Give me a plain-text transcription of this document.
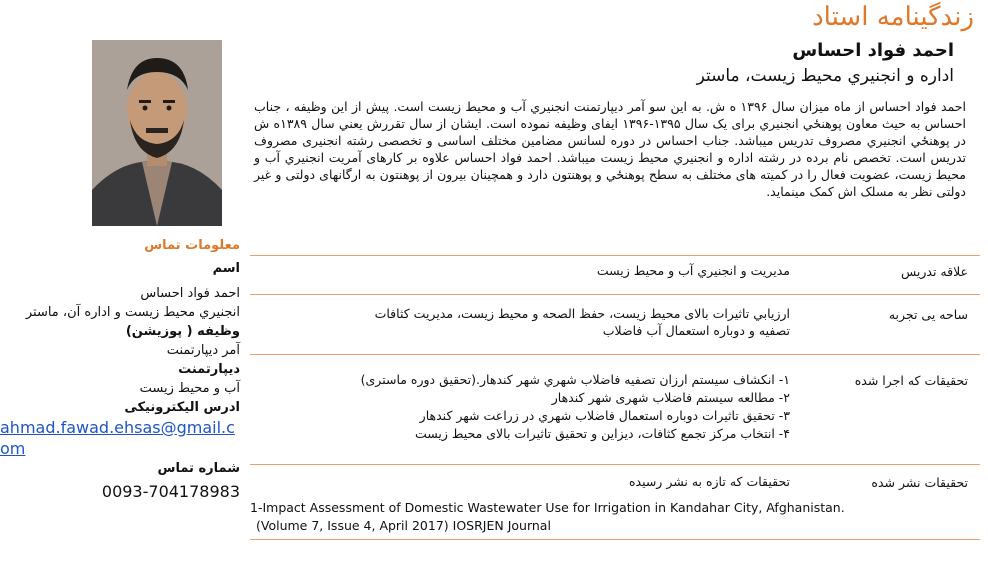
زندگینامه استاد
احمد فواد احساس
اداره و انجنيري محيط زيست، ماستر
احمد فواد احساس از ماه میزان سال ۱۳۹۶ ه ش. به این سو آمر دیپارتمنت انجنیري آب و محیط زیست است. پیش از این وظیفه ، جناب احساس به حیث معاون پوهنځي انجنیري برای یک سال ۱۳۹۵-۱۳۹۶ ایفای وظیفه نموده است. ایشان از سال تقررش یعني سال ۱۳۸۹ه ش در پوهنځي انجنیري مصروف تدریس میباشد. جناب احساس در دوره لسانس مضامین مختلف اساسی و تخصصی رشته انجنیری مصروف تدریس است. تخصص نام برده در رشته اداره و انجنیري محیط زیست میباشد. احمد فواد احساس علاوه بر کارهای آمریت انجنیري آب و محیط زیست، عضویت فعال را در کمیته های مختلف به سطح پوهنځي و پوهنتون دارد و همچینان بیرون از پوهنتون به ارگانهای دولتی و غیر دولتی نظر به مسلک اش کمک مینماید.
علاقه تدریس
مدیریت و انجنیري آب و محیط زیست
ساحه يی تجربه
ارزيابي تاثيرات بالای محيط زيست، حفظ الصحه و محيط زيست، مديريت کثافات تصفيه و دوباره استعمال آب فاضلاب
تحقیقات که اجرا شده
۱- انکشاف سیستم ارزان تصفیه فاضلاب شهري شهر کندهار.(تحقیق دوره ماستری)
۲- مطالعه سیستم فاضلاب شهری شهر کندهار
۳- تحقیق تاثیرات دوباره استعمال فاضلاب شهري در زراعت شهر کندهار
۴- انتخاب مرکز تجمع کثافات، دیزاین و تحقیق تاثیرات بالای محیط زیست
تحقیقات نشر شده
تحقیقات که تازه به نشر رسیده
1-Impact Assessment of Domestic Wastewater Use for Irrigation in Kandahar City, Afghanistan.
(Volume 7, Issue 4, April 2017) IOSRJEN Journal
معلومات تماس
اسم
احمد فواد احساس
انجنیري محیط زیست و اداره آن، ماستر
وظیفه ( پوزیشن)
آمر دیپارتمنت
دیپارتمنت
آب و محیط زیست
ادرس الیکترونیکی
ahmad.fawad.ehsas@gmail.com
شماره تماس
0093-704178983
